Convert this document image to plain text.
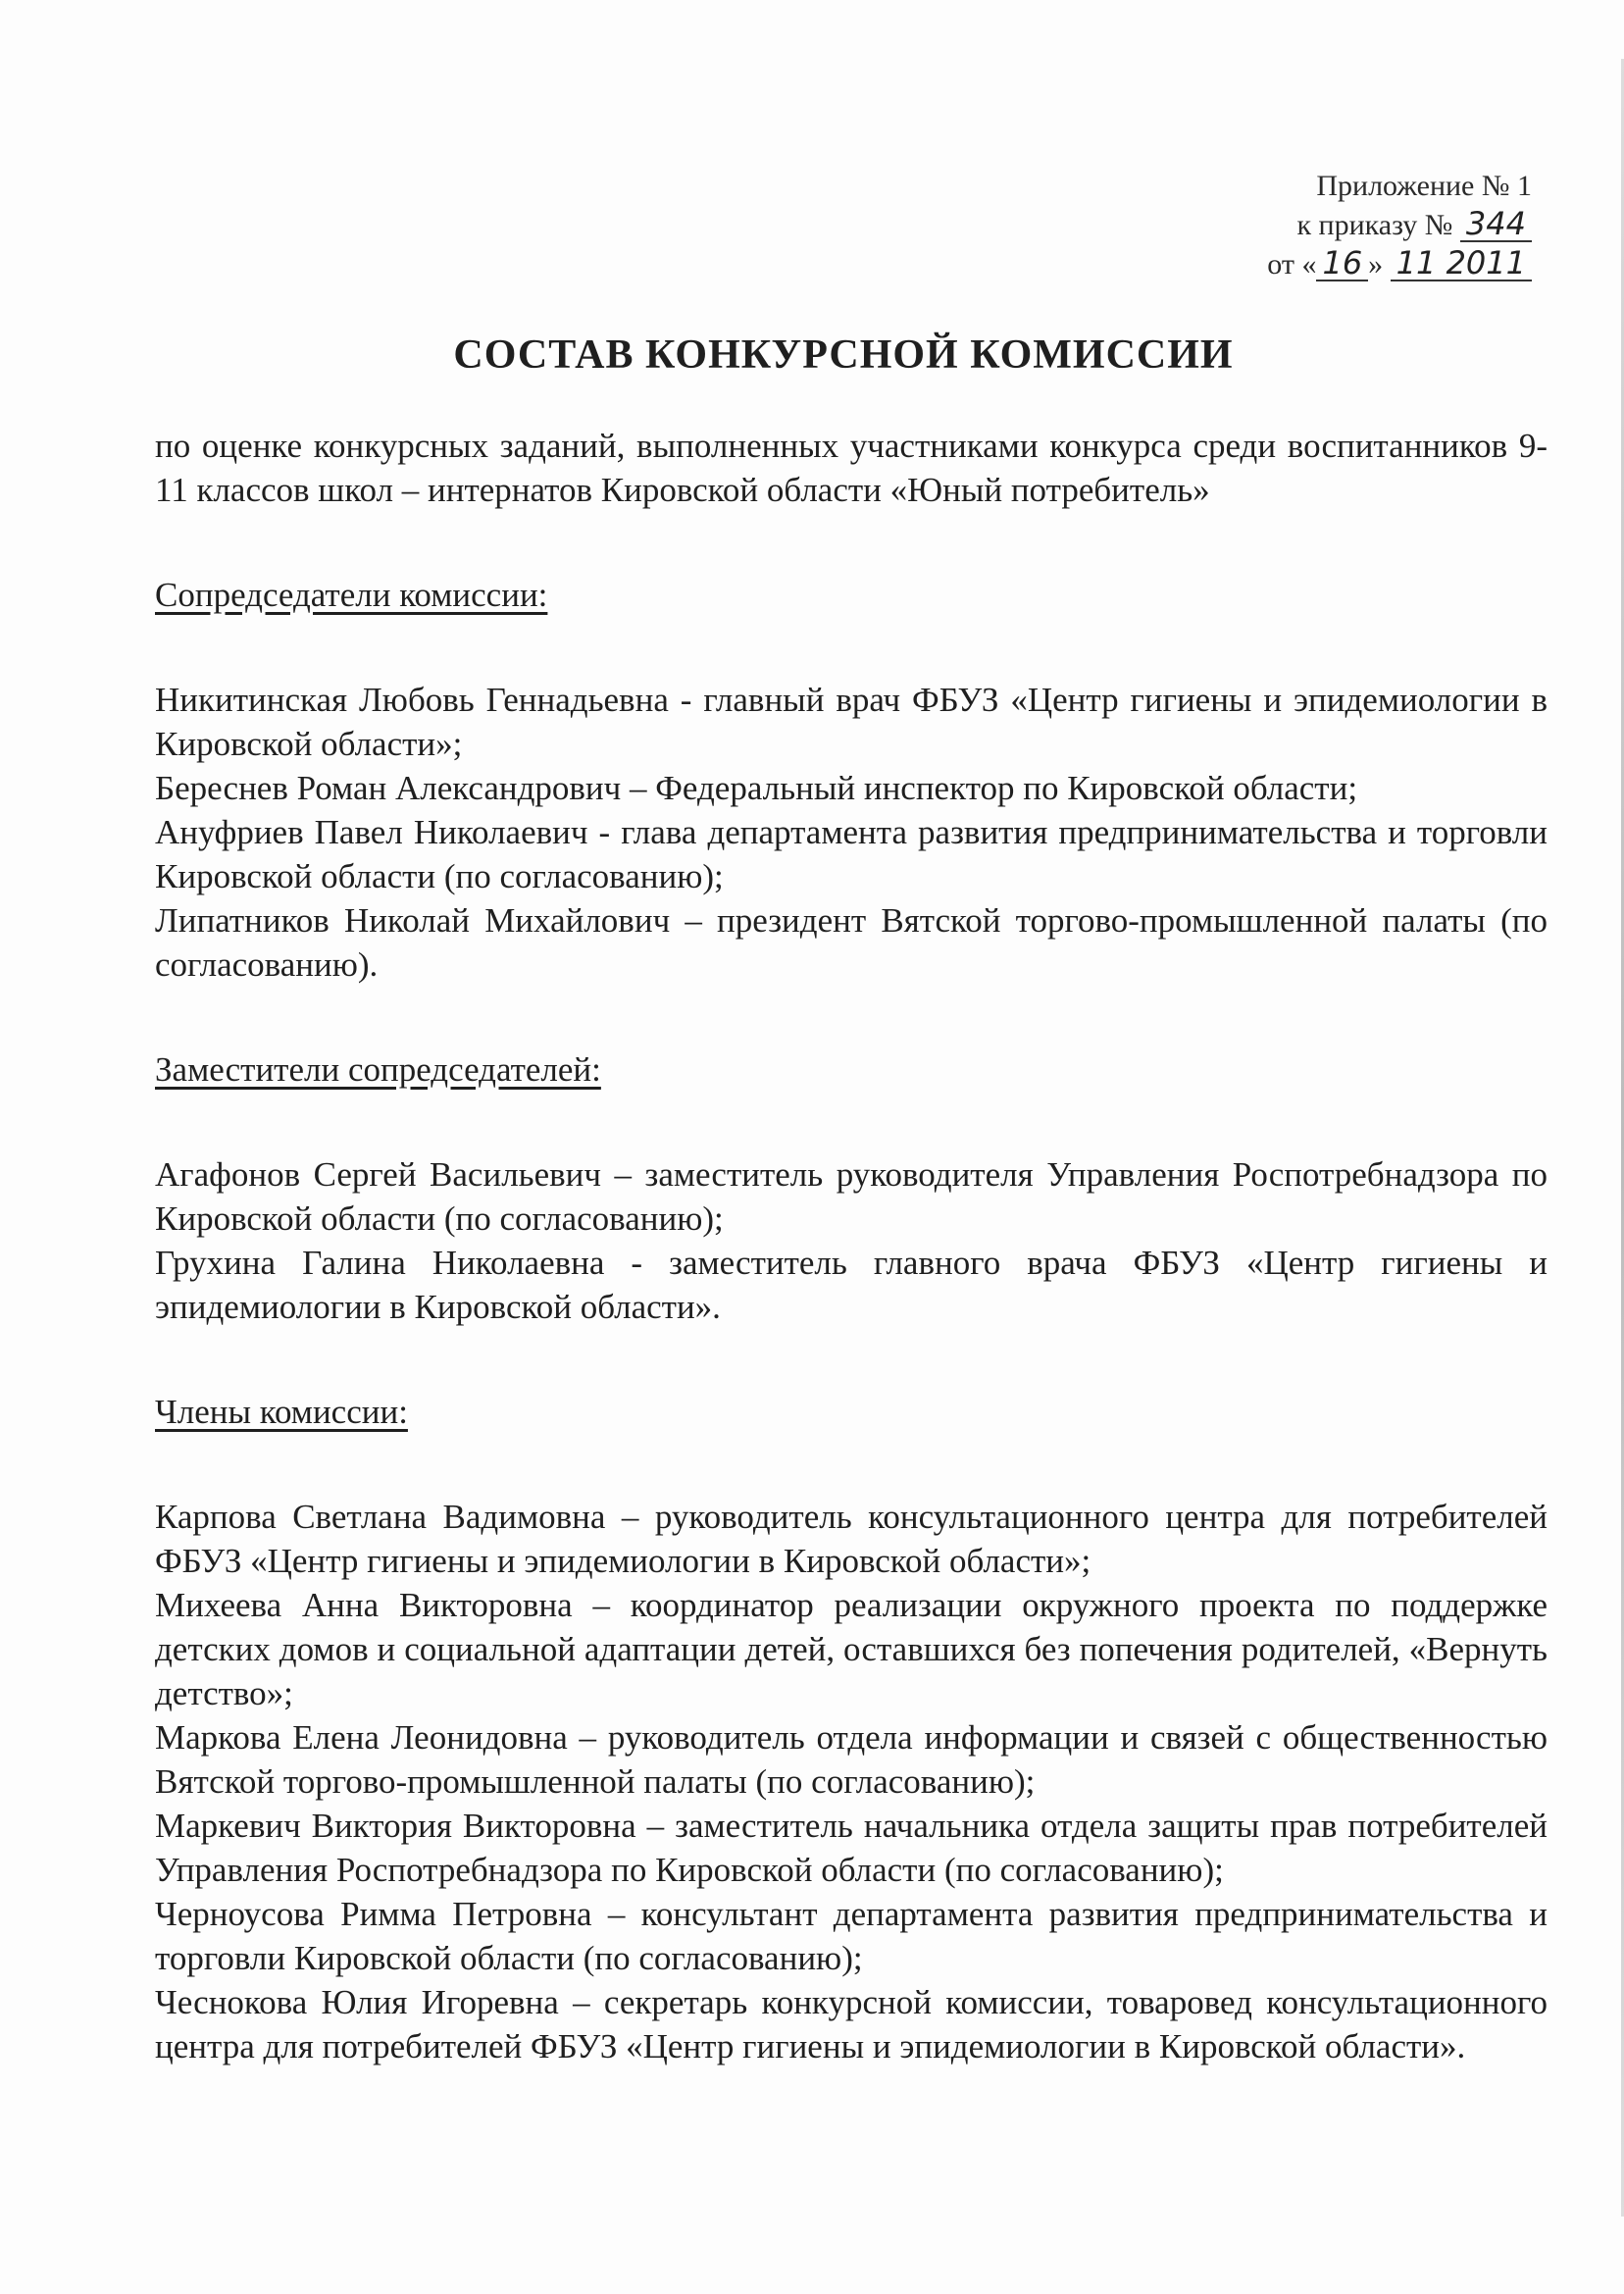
Приложение № 1
к приказу № 344
от « 16 » 11 2011
СОСТАВ КОНКУРСНОЙ КОМИССИИ

по оценке конкурсных заданий, выполненных участниками конкурса среди воспитанников 9-11 классов школ – интернатов Кировской области «Юный потребитель»

Сопредседатели комиссии:

Никитинская Любовь Геннадьевна - главный врач ФБУЗ «Центр гигиены и эпидемиологии в Кировской области»;

Береснев Роман Александрович – Федеральный инспектор по Кировской области;

Ануфриев Павел Николаевич - глава департамента развития предпринимательства и торговли Кировской области (по согласованию);

Липатников Николай Михайлович – президент Вятской торгово-промышленной палаты (по согласованию).

Заместители сопредседателей:

Агафонов Сергей Васильевич – заместитель руководителя Управления Роспотребнадзора по Кировской области (по согласованию);

Грухина Галина Николаевна - заместитель главного врача ФБУЗ «Центр гигиены и эпидемиологии в Кировской области».

Члены комиссии:

Карпова Светлана Вадимовна – руководитель консультационного центра для потребителей ФБУЗ «Центр гигиены и эпидемиологии в Кировской области»;

Михеева Анна Викторовна – координатор реализации окружного проекта по поддержке детских домов и социальной адаптации детей, оставшихся без попечения родителей, «Вернуть детство»;

Маркова Елена Леонидовна – руководитель отдела информации и связей с общественностью Вятской торгово-промышленной палаты (по согласованию);

Маркевич Виктория Викторовна – заместитель начальника отдела защиты прав потребителей Управления Роспотребнадзора по Кировской области (по согласованию);

Черноусова Римма Петровна – консультант департамента развития предпринимательства и торговли Кировской области (по согласованию);

Чеснокова Юлия Игоревна – секретарь конкурсной комиссии, товаровед консультационного центра для потребителей ФБУЗ «Центр гигиены и эпидемиологии в Кировской области».
